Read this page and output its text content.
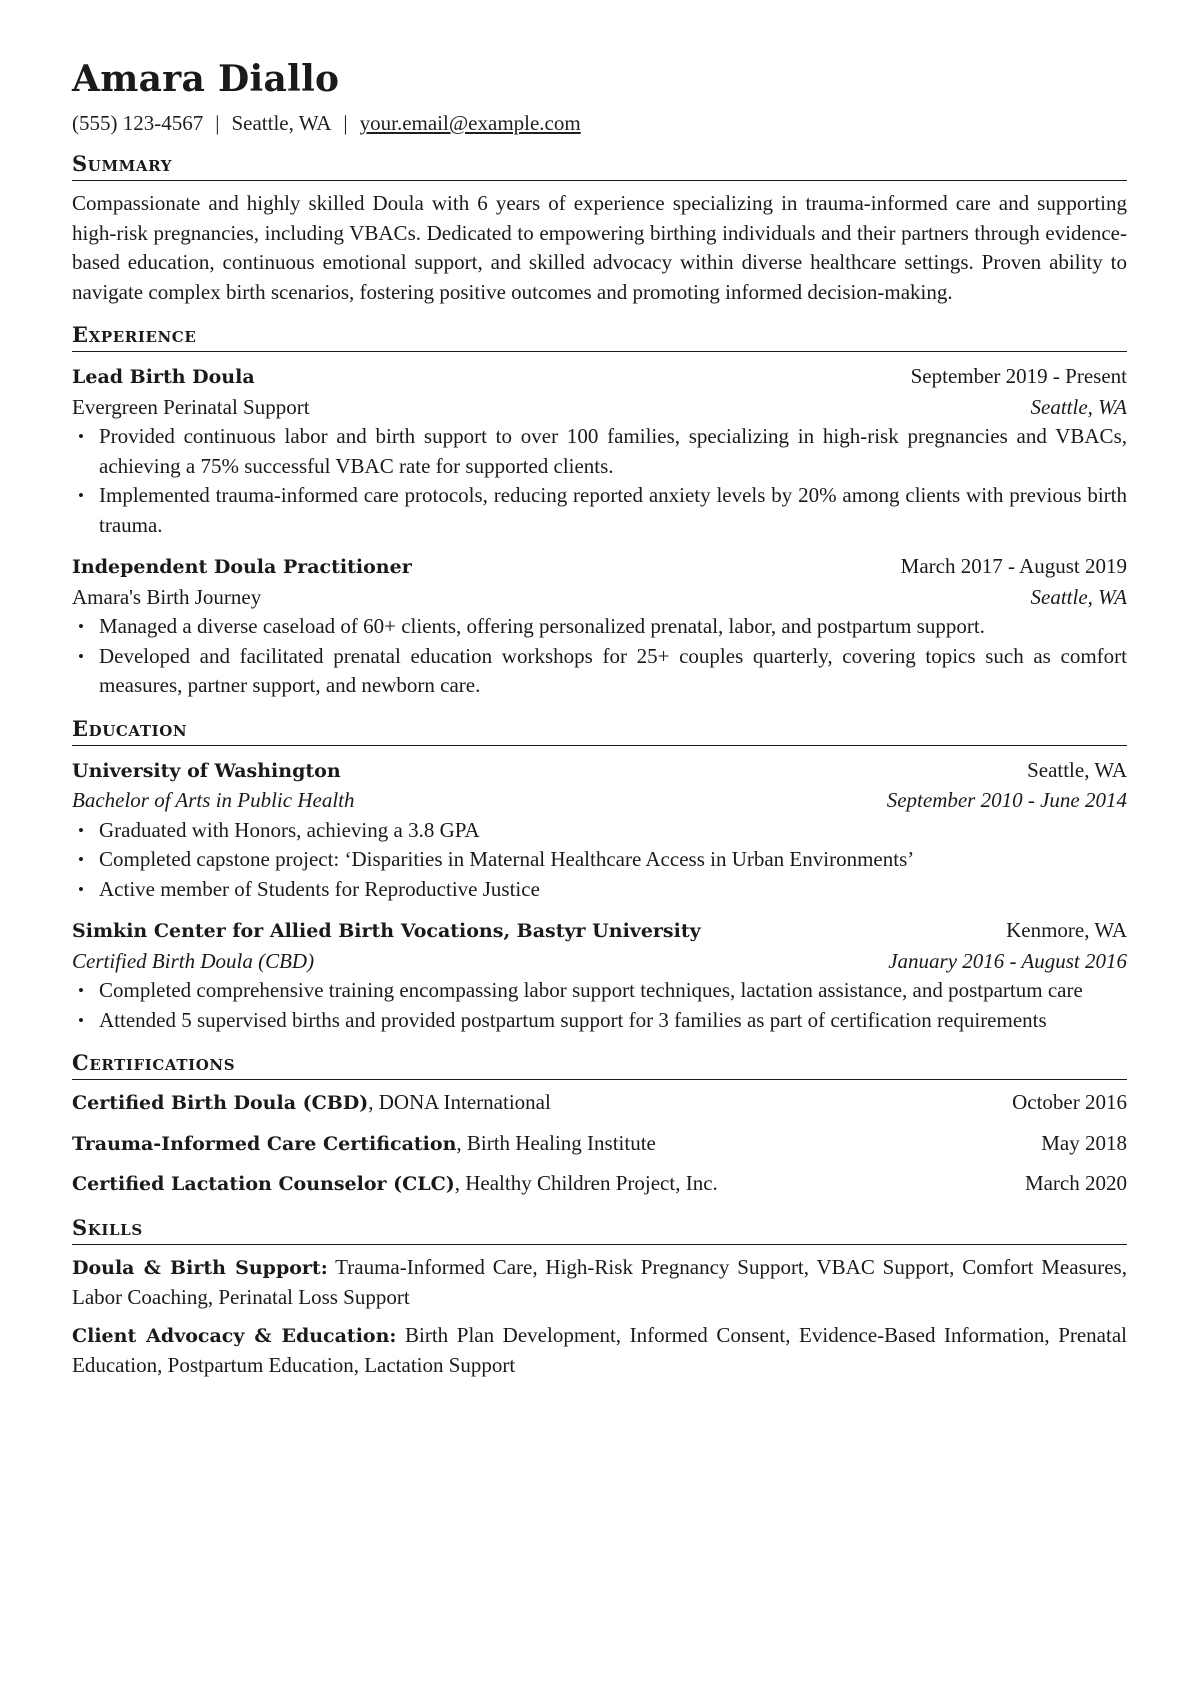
Amara Diallo
(555) 123-4567 | Seattle, WA | your.email@example.com
Summary
Compassionate and highly skilled Doula with 6 years of experience specializing in trauma-informed care and supporting high-risk pregnancies, including VBACs. Dedicated to empowering birthing individuals and their partners through evidence-based education, continuous emotional support, and skilled advocacy within diverse healthcare settings. Proven ability to navigate complex birth scenarios, fostering positive outcomes and promoting informed decision-making.
Experience
Lead Birth Doula	September 2019 - Present
Evergreen Perinatal Support	Seattle, WA
• Provided continuous labor and birth support to over 100 families, specializing in high-risk pregnancies and VBACs, achieving a 75% successful VBAC rate for supported clients.
• Implemented trauma-informed care protocols, reducing reported anxiety levels by 20% among clients with previous birth trauma.
Independent Doula Practitioner	March 2017 - August 2019
Amara's Birth Journey	Seattle, WA
• Managed a diverse caseload of 60+ clients, offering personalized prenatal, labor, and postpartum support.
• Developed and facilitated prenatal education workshops for 25+ couples quarterly, covering topics such as comfort measures, partner support, and newborn care.
Education
University of Washington	Seattle, WA
Bachelor of Arts in Public Health	September 2010 - June 2014
• Graduated with Honors, achieving a 3.8 GPA
• Completed capstone project: ‘Disparities in Maternal Healthcare Access in Urban Environments’
• Active member of Students for Reproductive Justice
Simkin Center for Allied Birth Vocations, Bastyr University	Kenmore, WA
Certified Birth Doula (CBD)	January 2016 - August 2016
• Completed comprehensive training encompassing labor support techniques, lactation assistance, and postpartum care
• Attended 5 supervised births and provided postpartum support for 3 families as part of certification requirements
Certifications
Certified Birth Doula (CBD), DONA International	October 2016
Trauma-Informed Care Certification, Birth Healing Institute	May 2018
Certified Lactation Counselor (CLC), Healthy Children Project, Inc.	March 2020
Skills
Doula & Birth Support: Trauma-Informed Care, High-Risk Pregnancy Support, VBAC Support, Comfort Measures, Labor Coaching, Perinatal Loss Support
Client Advocacy & Education: Birth Plan Development, Informed Consent, Evidence-Based Information, Prenatal Education, Postpartum Education, Lactation Support
